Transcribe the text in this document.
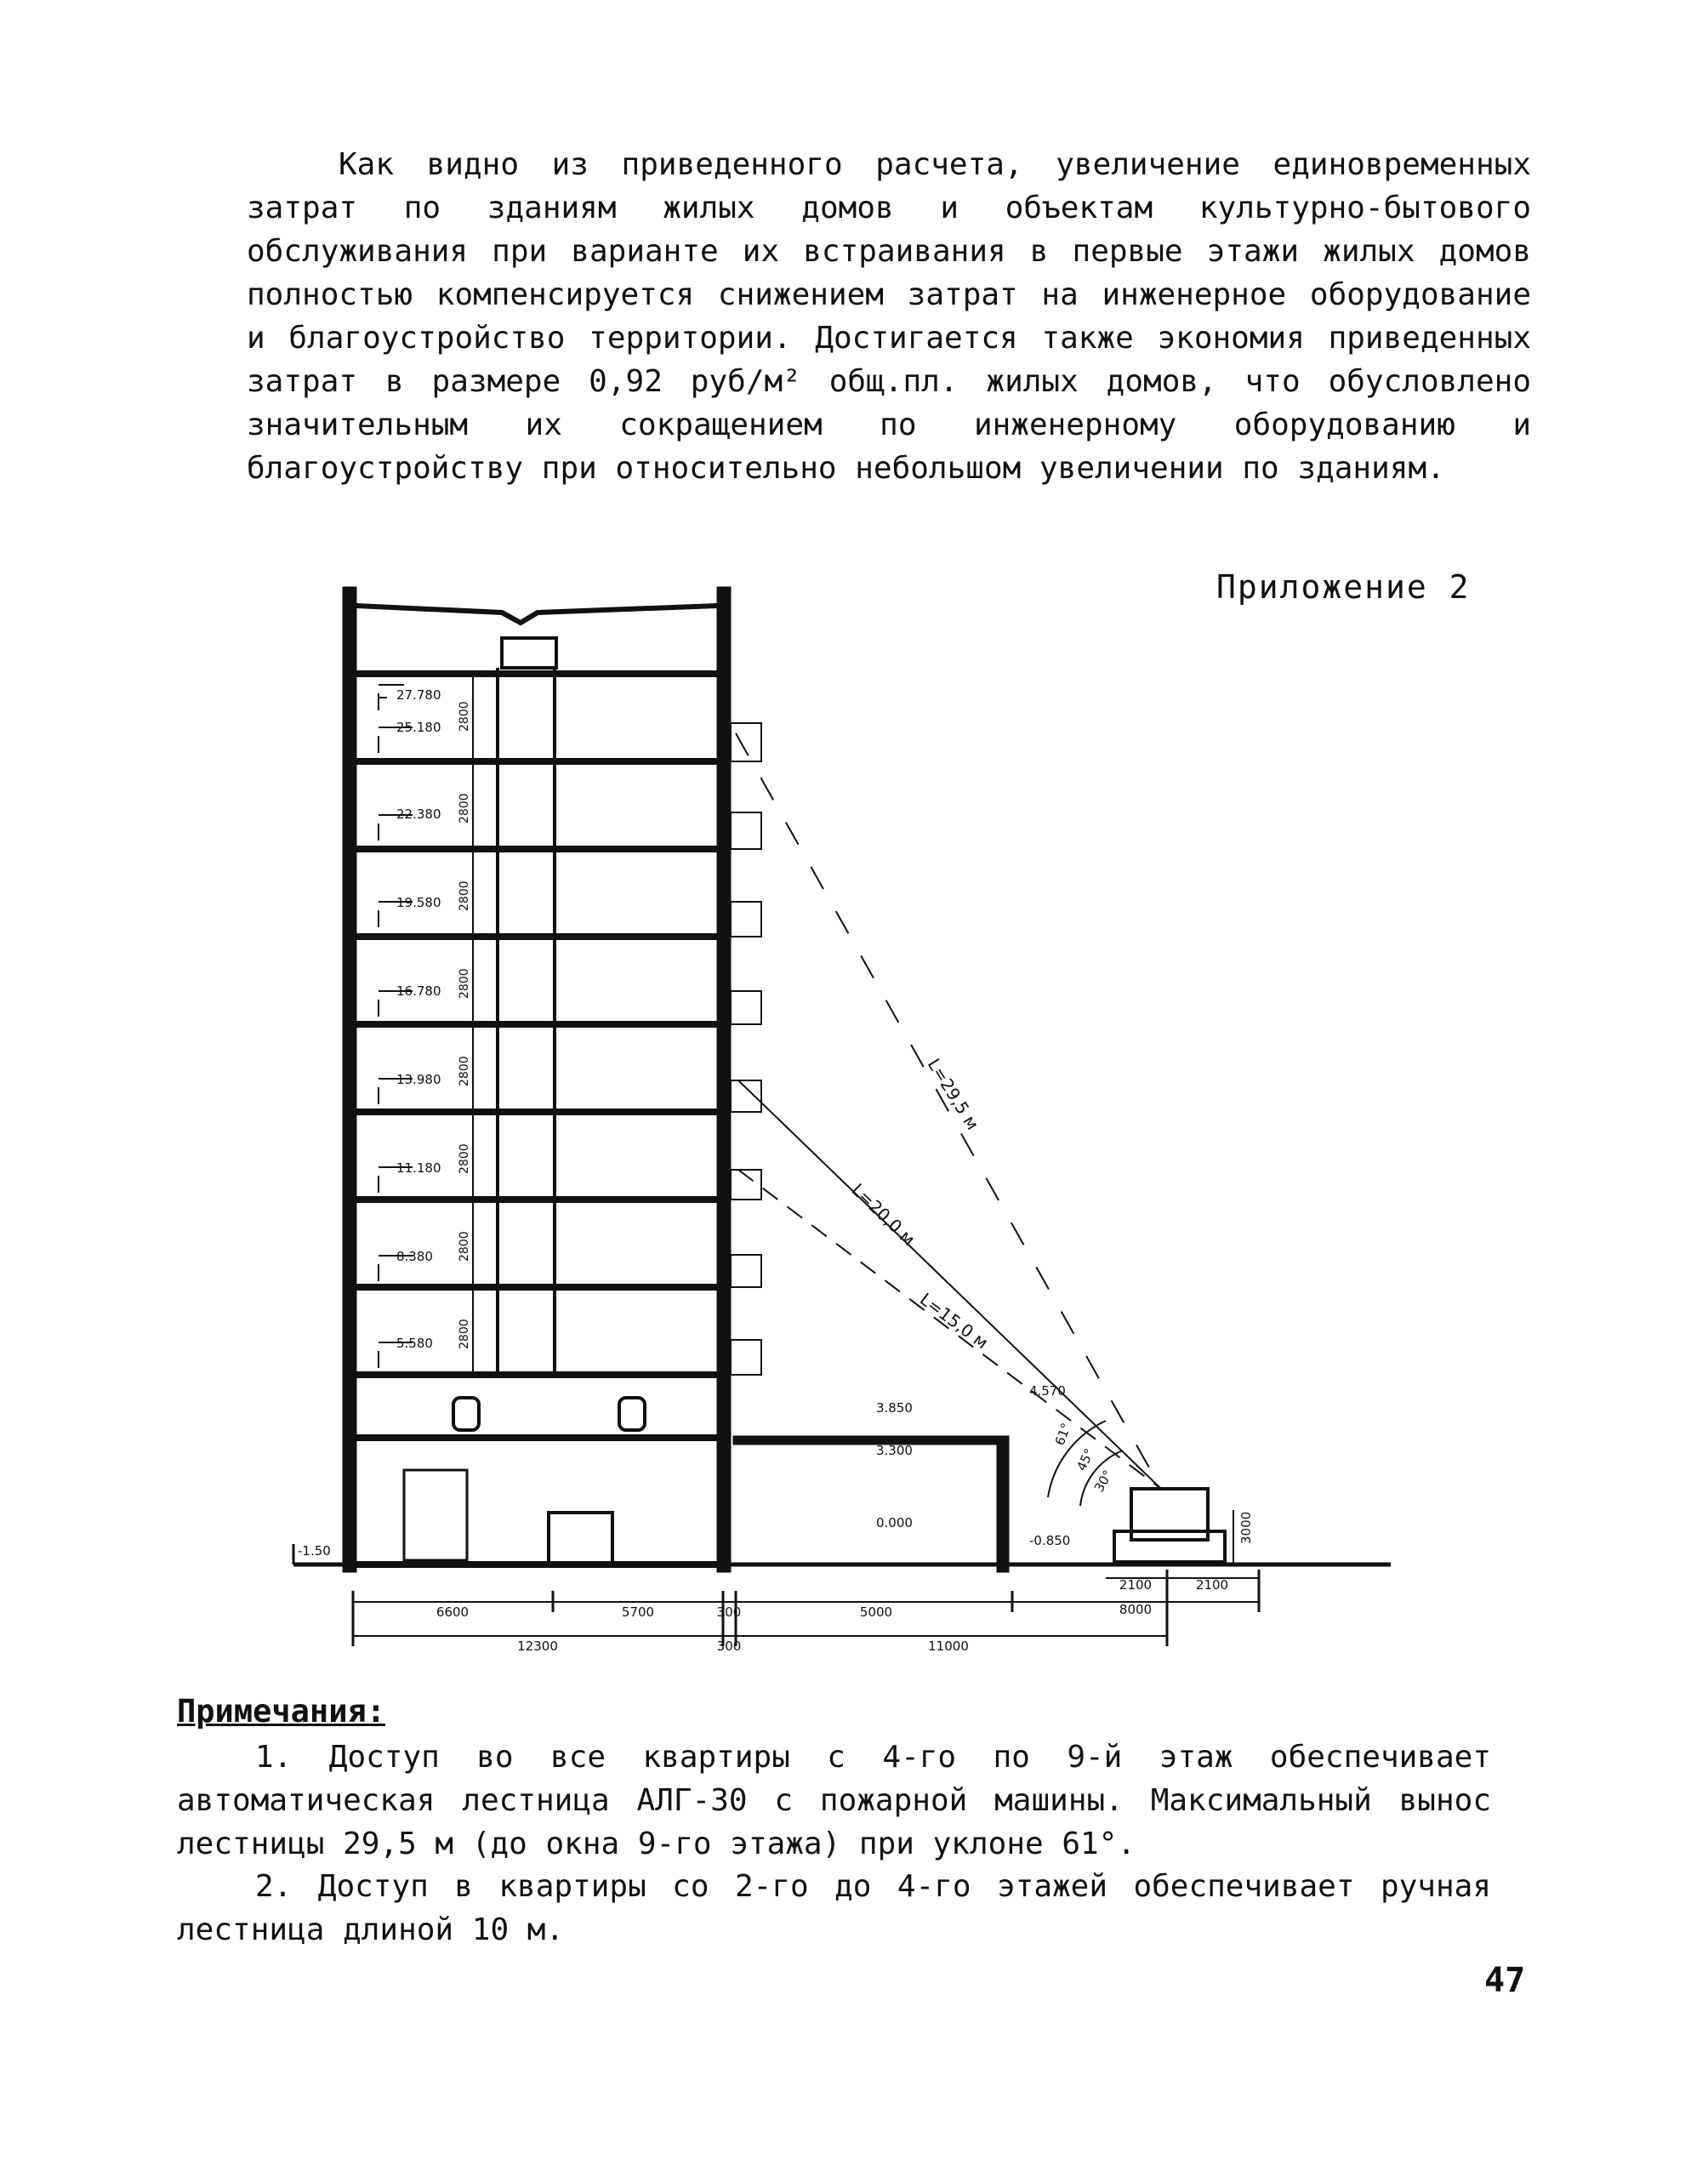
Как видно из приведенного расчета, увеличение единовременных затрат по зданиям жилых домов и объектам культурно-бытового обслуживания при варианте их встраивания в первые этажи жилых домов полностью компенсируется снижением затрат на инженерное оборудование и благоустройство территории. Достигается также экономия приведенных затрат в размере 0,92 руб/м² общ.пл. жилых домов, что обусловлено значительным их сокращением по инженерному оборудованию и благоустройству при относительно небольшом увеличении по зданиям.

Приложение 2
27.780
25.180
22.380
19.580
16.780
13.980
11.180
8.380
5.580
2800
2800
2800
2800
2800
2800
2800
2800
3.850
3.300
0.000
-0.850
4.570
-1.50
L=29,5 м
L=20,0 м
L=15,0 м
61°
45°
30°
3000
6600	5700	300	5000
12300	300	11000
2100	2100
8000
Примечания:

1. Доступ во все квартиры с 4-го по 9-й этаж обеспечивает автоматическая лестница АЛГ-30 с пожарной машины. Максимальный вынос лестницы 29,5 м (до окна 9-го этажа) при уклоне 61°.

2. Доступ в квартиры со 2-го до 4-го этажей обеспечивает ручная лестница длиной 10 м.

47
